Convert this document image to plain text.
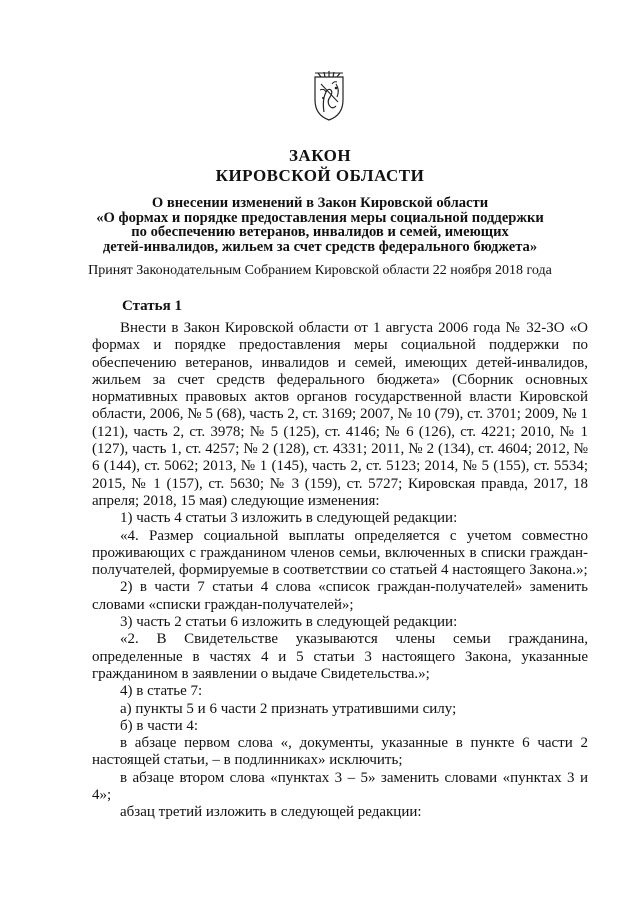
ЗАКОН
КИРОВСКОЙ ОБЛАСТИ
О внесении изменений в Закон Кировской области
«О формах и порядке предоставления меры социальной поддержки
по обеспечению ветеранов, инвалидов и семей, имеющих
детей-инвалидов, жильем за счет средств федерального бюджета»
Принят Законодательным Собранием Кировской области 22 ноября 2018 года
Статья 1

Внести в Закон Кировской области от 1 августа 2006 года № 32-ЗО «О формах и порядке предоставления меры социальной поддержки по обеспечению ветеранов, инвалидов и семей, имеющих детей-инвалидов, жильем за счет средств федерального бюджета» (Сборник основных нормативных правовых актов органов государственной власти Кировской области, 2006, № 5 (68), часть 2, ст. 3169; 2007, № 10 (79), ст. 3701; 2009, № 1 (121), часть 2, ст. 3978; № 5 (125), ст. 4146; № 6 (126), ст. 4221; 2010, № 1 (127), часть 1, ст. 4257; № 2 (128), ст. 4331; 2011, № 2 (134), ст. 4604; 2012, № 6 (144), ст. 5062; 2013, № 1 (145), часть 2, ст. 5123; 2014, № 5 (155), ст. 5534; 2015, № 1 (157), ст. 5630; № 3 (159), ст. 5727; Кировская правда, 2017, 18 апреля; 2018, 15 мая) следующие изменения:

1) часть 4 статьи 3 изложить в следующей редакции:

«4. Размер социальной выплаты определяется с учетом совместно проживающих с гражданином членов семьи, включенных в списки граждан-получателей, формируемые в соответствии со статьей 4 настоящего Закона.»;

2) в части 7 статьи 4 слова «список граждан-получателей» заменить словами «списки граждан-получателей»;

3) часть 2 статьи 6 изложить в следующей редакции:

«2. В Свидетельстве указываются члены семьи гражданина, определенные в частях 4 и 5 статьи 3 настоящего Закона, указанные гражданином в заявлении о выдаче Свидетельства.»;

4) в статье 7:

а) пункты 5 и 6 части 2 признать утратившими силу;

б) в части 4:

в абзаце первом слова «, документы, указанные в пункте 6 части 2 настоящей статьи, – в подлинниках» исключить;

в абзаце втором слова «пунктах 3 – 5» заменить словами «пунктах 3 и 4»;

абзац третий изложить в следующей редакции:
